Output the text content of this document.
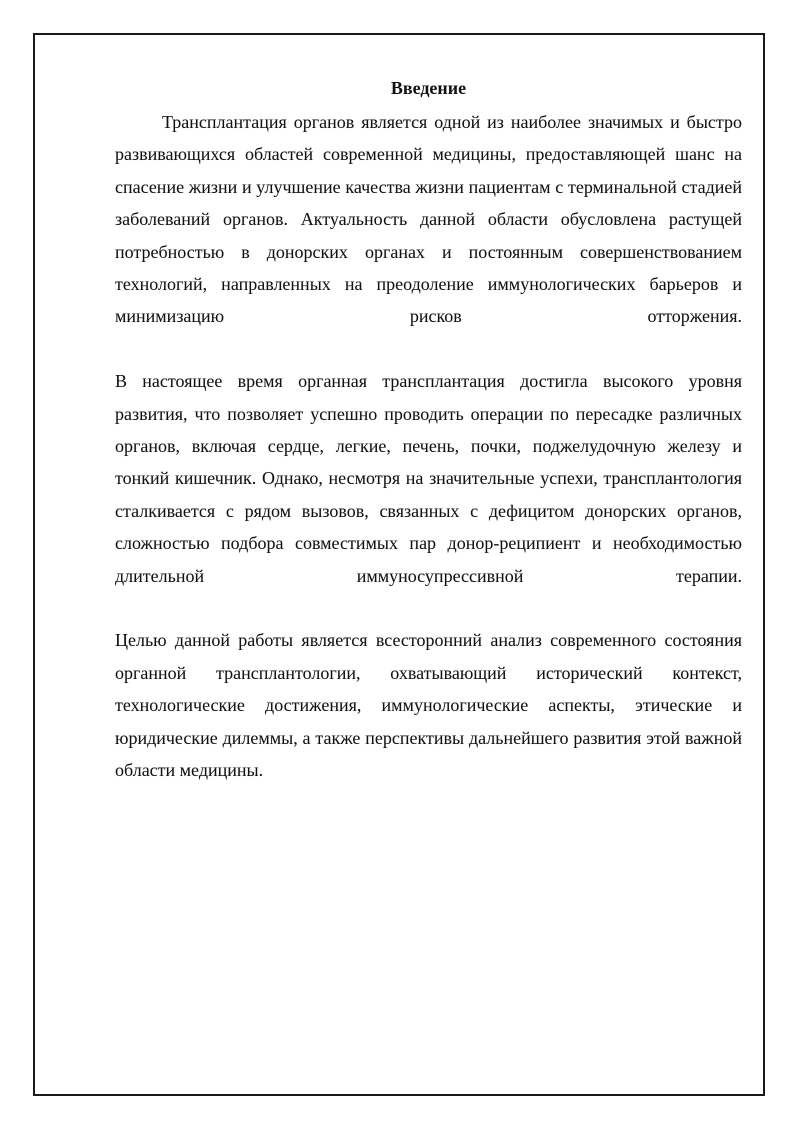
Введение

Трансплантация органов является одной из наиболее значимых и быстро развивающихся областей современной медицины, предоставляющей шанс на спасение жизни и улучшение качества жизни пациентам с терминальной стадией заболеваний органов. Актуальность данной области обусловлена растущей потребностью в донорских органах и постоянным совершенствованием технологий, направленных на преодоление иммунологических барьеров и минимизацию рисков отторжения.

В настоящее время органная трансплантация достигла высокого уровня развития, что позволяет успешно проводить операции по пересадке различных органов, включая сердце, легкие, печень, почки, поджелудочную железу и тонкий кишечник. Однако, несмотря на значительные успехи, трансплантология сталкивается с рядом вызовов, связанных с дефицитом донорских органов, сложностью подбора совместимых пар донор-реципиент и необходимостью длительной иммуносупрессивной терапии.

Целью данной работы является всесторонний анализ современного состояния органной трансплантологии, охватывающий исторический контекст, технологические достижения, иммунологические аспекты, этические и юридические дилеммы, а также перспективы дальнейшего развития этой важной области медицины.
